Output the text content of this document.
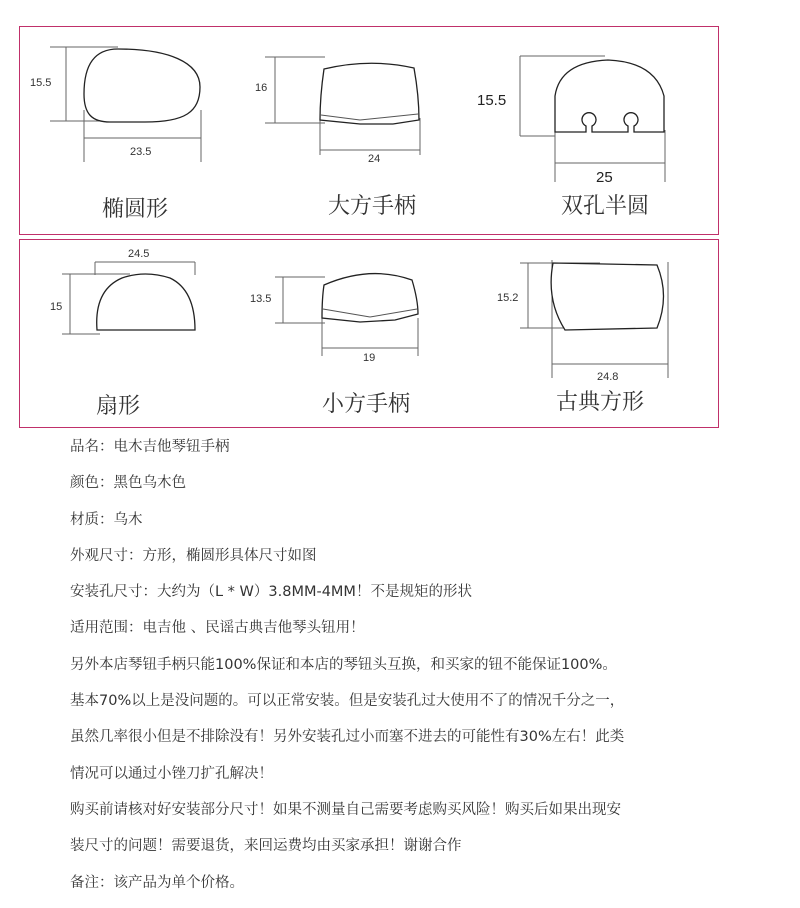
15.5
23.5
椭圆形
16
24
大方手柄
15.5
25
双孔半圆
24.5
15
扇形
13.5
19
小方手柄
15.2
24.8
古典方形

品名：电木吉他琴钮手柄

颜色：黑色乌木色

材质：乌木

外观尺寸：方形，椭圆形具体尺寸如图

安装孔尺寸：大约为（L * W）3.8MM-4MM！不是规矩的形状

适用范围：电吉他 、民谣古典吉他琴头钮用！

另外本店琴钮手柄只能100%保证和本店的琴钮头互换，和买家的钮不能保证100%。

基本70%以上是没问题的。可以正常安装。但是安装孔过大使用不了的情况千分之一，

虽然几率很小但是不排除没有！另外安装孔过小而塞不进去的可能性有30%左右！此类

情况可以通过小锉刀扩孔解决！

购买前请核对好安装部分尺寸！如果不测量自己需要考虑购买风险！购买后如果出现安

装尺寸的问题！需要退货，来回运费均由买家承担！谢谢合作

备注：该产品为单个价格。
